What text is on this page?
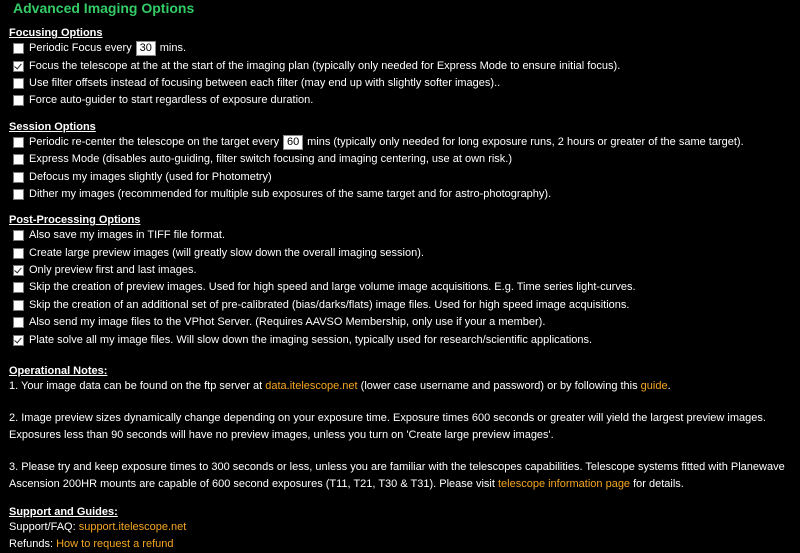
Advanced Imaging Options
Focusing Options
Periodic Focus every 30 mins.
Focus the telescope at the at the start of the imaging plan (typically only needed for Express Mode to ensure initial focus).
Use filter offsets instead of focusing between each filter (may end up with slightly softer images)..
Force auto-guider to start regardless of exposure duration.
Session Options
Periodic re-center the telescope on the target every 60 mins (typically only needed for long exposure runs, 2 hours or greater of the same target).
Express Mode (disables auto-guiding, filter switch focusing and imaging centering, use at own risk.)
Defocus my images slightly (used for Photometry)
Dither my images (recommended for multiple sub exposures of the same target and for astro-photography).
Post-Processing Options
Also save my images in TIFF file format.
Create large preview images (will greatly slow down the overall imaging session).
Only preview first and last images.
Skip the creation of preview images. Used for high speed and large volume image acquisitions. E.g. Time series light-curves.
Skip the creation of an additional set of pre-calibrated (bias/darks/flats) image files. Used for high speed image acquisitions.
Also send my image files to the VPhot Server. (Requires AAVSO Membership, only use if your a member).
Plate solve all my image files. Will slow down the imaging session, typically used for research/scientific applications.
Operational Notes:

1. Your image data can be found on the ftp server at data.itelescope.net (lower case username and password) or by following this guide.

2. Image preview sizes dynamically change depending on your exposure time. Exposure times 600 seconds or greater will yield the largest preview images.
Exposures less than 90 seconds will have no preview images, unless you turn on 'Create large preview images'.

3. Please try and keep exposure times to 300 seconds or less, unless you are familiar with the telescopes capabilities. Telescope systems fitted with Planewave
Ascension 200HR mounts are capable of 600 second exposures (T11, T21, T30 & T31). Please visit telescope information page for details.

Support and Guides:

Support/FAQ: support.itelescope.net

Refunds: How to request a refund
